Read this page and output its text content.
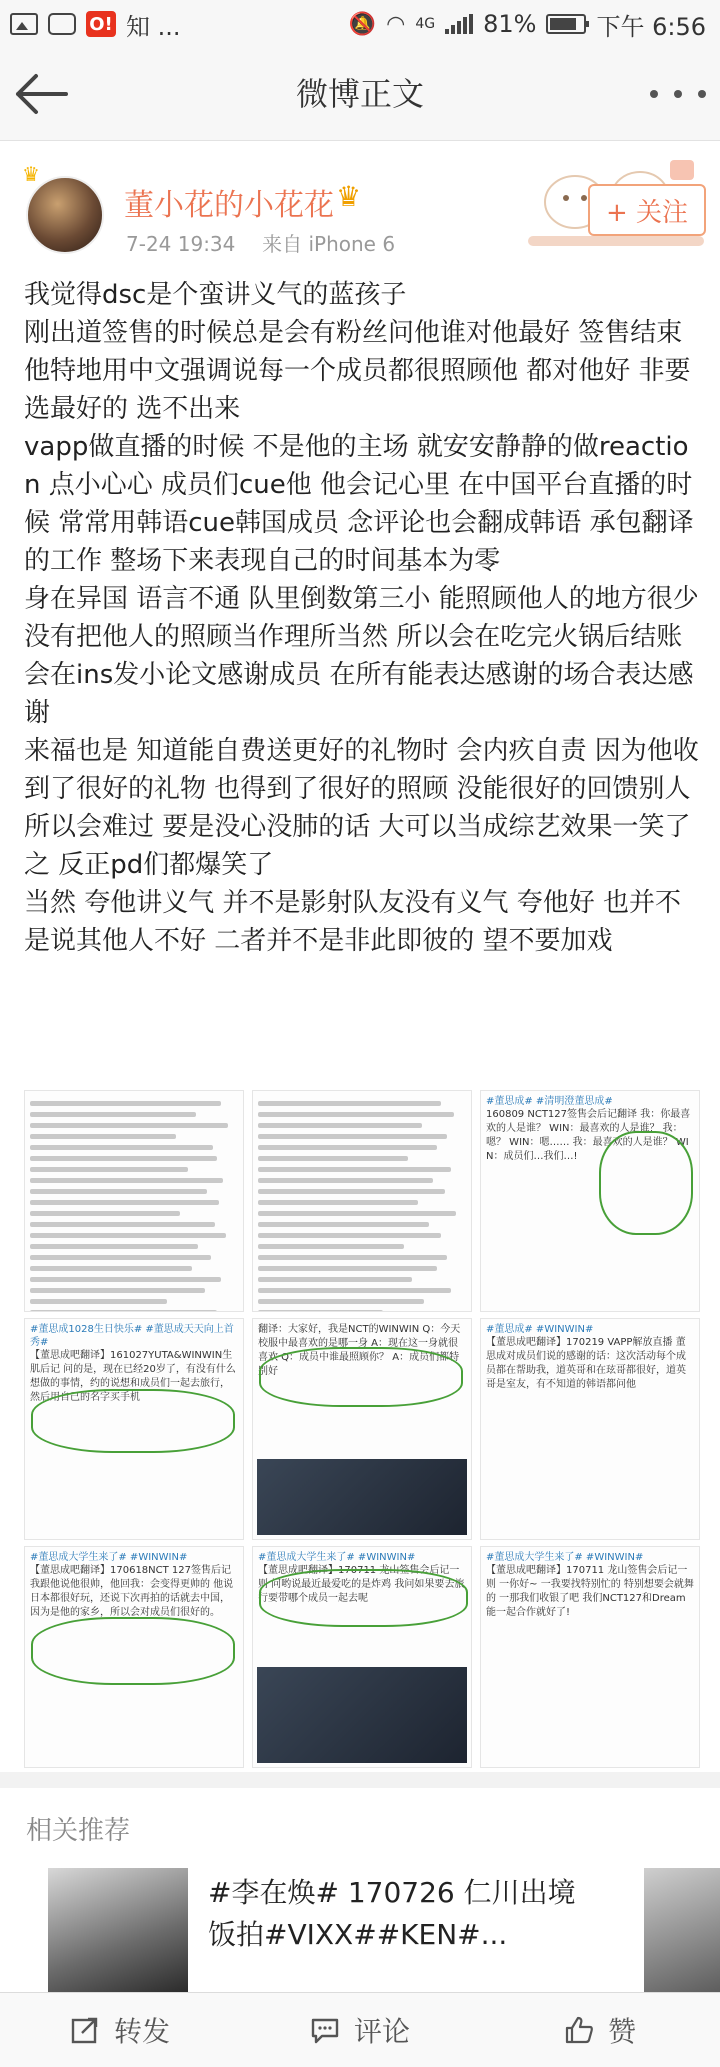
O! 知 ...	🔕 ◠ 4G 81%	下午 6:56
微博正文
♛
董小花的小花花 ♛
7-24 19:34 来自 iPhone 6
+ 关注

我觉得dsc是个蛮讲义气的蓝孩子

刚出道签售的时候总是会有粉丝问他谁对他最好 签售结束 他特地用中文强调说每一个成员都很照顾他 都对他好 非要选最好的 选不出来

vapp做直播的时候 不是他的主场 就安安静静的做reaction 点小心心 成员们cue他 他会记心里 在中国平台直播的时候 常常用韩语cue韩国成员 念评论也会翻成韩语 承包翻译的工作 整场下来表现自己的时间基本为零

身在异国 语言不通 队里倒数第三小 能照顾他人的地方很少 没有把他人的照顾当作理所当然 所以会在吃完火锅后结账 会在ins发小论文感谢成员 在所有能表达感谢的场合表达感谢

来福也是 知道能自费送更好的礼物时 会内疚自责 因为他收到了很好的礼物 也得到了很好的照顾 没能很好的回馈别人 所以会难过 要是没心没肺的话 大可以当成综艺效果一笑了之 反正pd们都爆笑了

当然 夸他讲义气 并不是影射队友没有义气 夸他好 也并不是说其他人不好 二者并不是非此即彼的 望不要加戏

#董思成# #清明澄董思成#
160809 NCT127签售会后记翻译 我：你最喜欢的人是谁？ WIN：最喜欢的人是谁？ 我：嗯？ WIN：嗯…… 我：最喜欢的人是谁？ WIN：成员们…我们…!
#董思成1028生日快乐# #董思成天天向上首秀#
【董思成吧翻译】161027YUTA&WINWIN生肌后记 问的是，现在已经20岁了，有没有什么想做的事情，约的说想和成员们一起去旅行，然后用自己的名字买手机
翻译：大家好，我是NCT的WINWIN Q：今天校服中最喜欢的是哪一身 A：现在这一身就很喜欢 Q：成员中谁最照顾你？ A：成员们都特别好
#董思成# #WINWIN#
【董思成吧翻译】170219 VAPP解放直播 董思成对成员们说的感谢的话：这次活动每个成员都在帮助我，道英哥和在玹哥都很好，道英哥是室友，有不知道的韩语都问他
#董思成大学生来了# #WINWIN#
【董思成吧翻译】170618NCT 127签售后记 我跟他说他很帅，他回我：会变得更帅的 他说日本都很好玩，还说下次再拍的话就去中国，因为是他的家乡，所以会对成员们很好的。
#董思成大学生来了# #WINWIN#
【董思成吧翻译】170711 龙山签售会后记一则 问哟说最近最爱吃的是炸鸡 我问如果要去旅行要带哪个成员一起去呢
#董思成大学生来了# #WINWIN#
【董思成吧翻译】170711 龙山签售会后记一则 一你好~ 一我要找特别忙的 特别想要会就舞的 一那我们收银了吧 我们NCT127和Dream能一起合作就好了!
相关推荐
#李在焕# 170726 仁川出境 饭拍#VIXX##KEN#...
转发	评论	赞
